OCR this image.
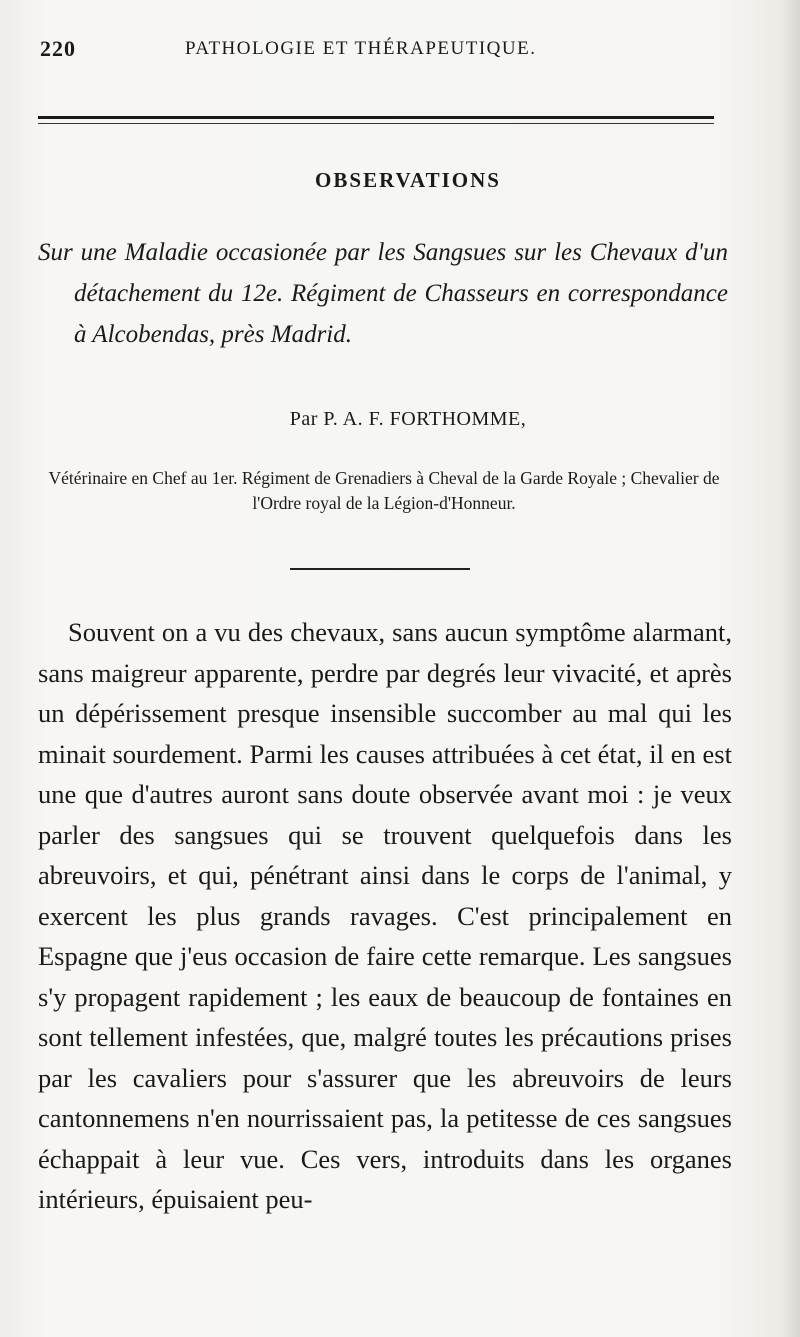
220	PATHOLOGIE ET THÉRAPEUTIQUE.
OBSERVATIONS
Sur une Maladie occasionée par les Sangsues sur les Chevaux d'un détachement du 12e. Régiment de Chasseurs en correspondance à Alcobendas, près Madrid.
Par P. A. F. FORTHOMME,
Vétérinaire en Chef au 1er. Régiment de Grenadiers à Cheval de la Garde Royale ; Chevalier de l'Ordre royal de la Légion-d'Honneur.

Souvent on a vu des chevaux, sans aucun symptôme alarmant, sans maigreur apparente, perdre par degrés leur vivacité, et après un dépérissement presque insensible succomber au mal qui les minait sourdement. Parmi les causes attribuées à cet état, il en est une que d'autres auront sans doute observée avant moi : je veux parler des sangsues qui se trouvent quelquefois dans les abreuvoirs, et qui, pénétrant ainsi dans le corps de l'animal, y exercent les plus grands ravages. C'est principalement en Espagne que j'eus occasion de faire cette remarque. Les sangsues s'y propagent rapidement ; les eaux de beaucoup de fontaines en sont tellement infestées, que, malgré toutes les précautions prises par les cavaliers pour s'assurer que les abreuvoirs de leurs cantonnemens n'en nourrissaient pas, la petitesse de ces sangsues échappait à leur vue. Ces vers, introduits dans les organes intérieurs, épuisaient peu-
